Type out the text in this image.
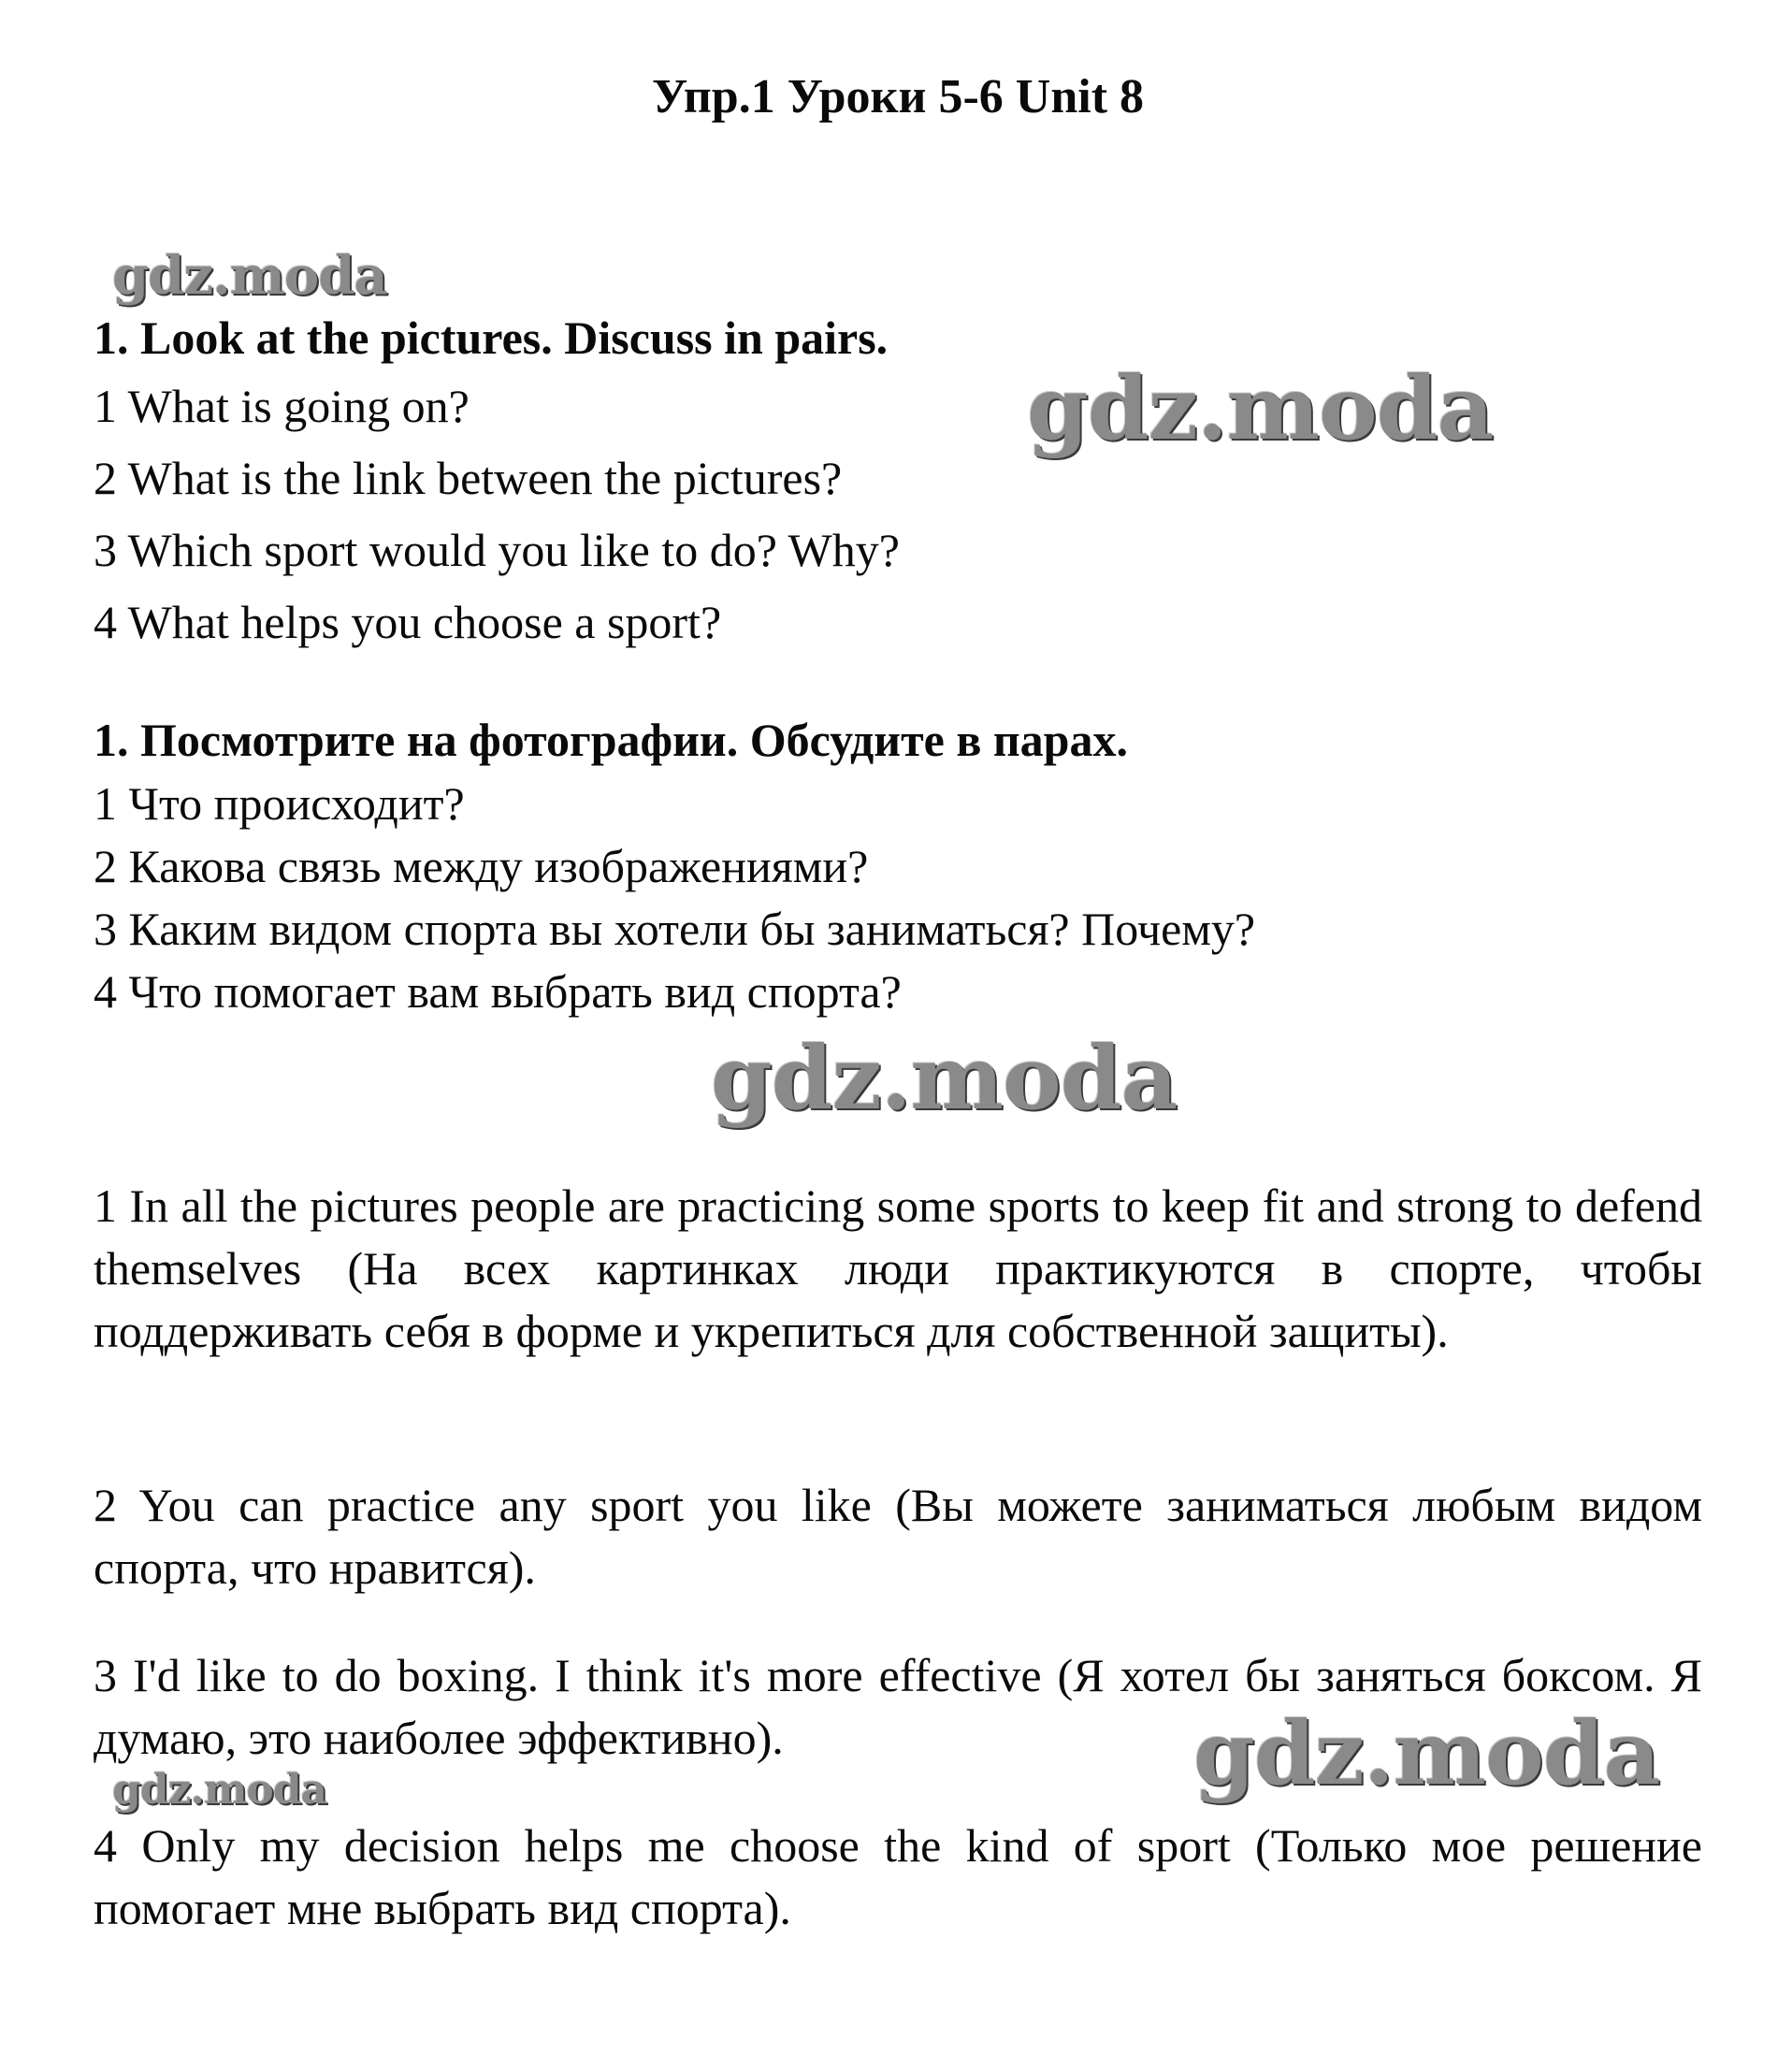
Упр.1 Уроки 5-6 Unit 8
gdz.moda
1. Look at the pictures. Discuss in pairs.
1 What is going on?
2 What is the link between the pictures?
3 Which sport would you like to do? Why?
4 What helps you choose a sport?
gdz.moda
1. Посмотрите на фотографии. Обсудите в парах.
1 Что происходит?
2 Какова связь между изображениями?
3 Каким видом спорта вы хотели бы заниматься? Почему?
4 Что помогает вам выбрать вид спорта?
gdz.moda

1 In all the pictures people are practicing some sports to keep fit and strong to defend themselves (На всех картинках люди практикуются в спорте, чтобы поддерживать себя в форме и укрепиться для собственной защиты).

2 You can practice any sport you like (Вы можете заниматься любым видом спорта, что нравится).

3 I'd like to do boxing. I think it's more effective (Я хотел бы заняться боксом. Я думаю, это наиболее эффективно).	gdz.moda
gdz.moda

4 Only my decision helps me choose the kind of sport (Только мое решение помогает мне выбрать вид спорта).
